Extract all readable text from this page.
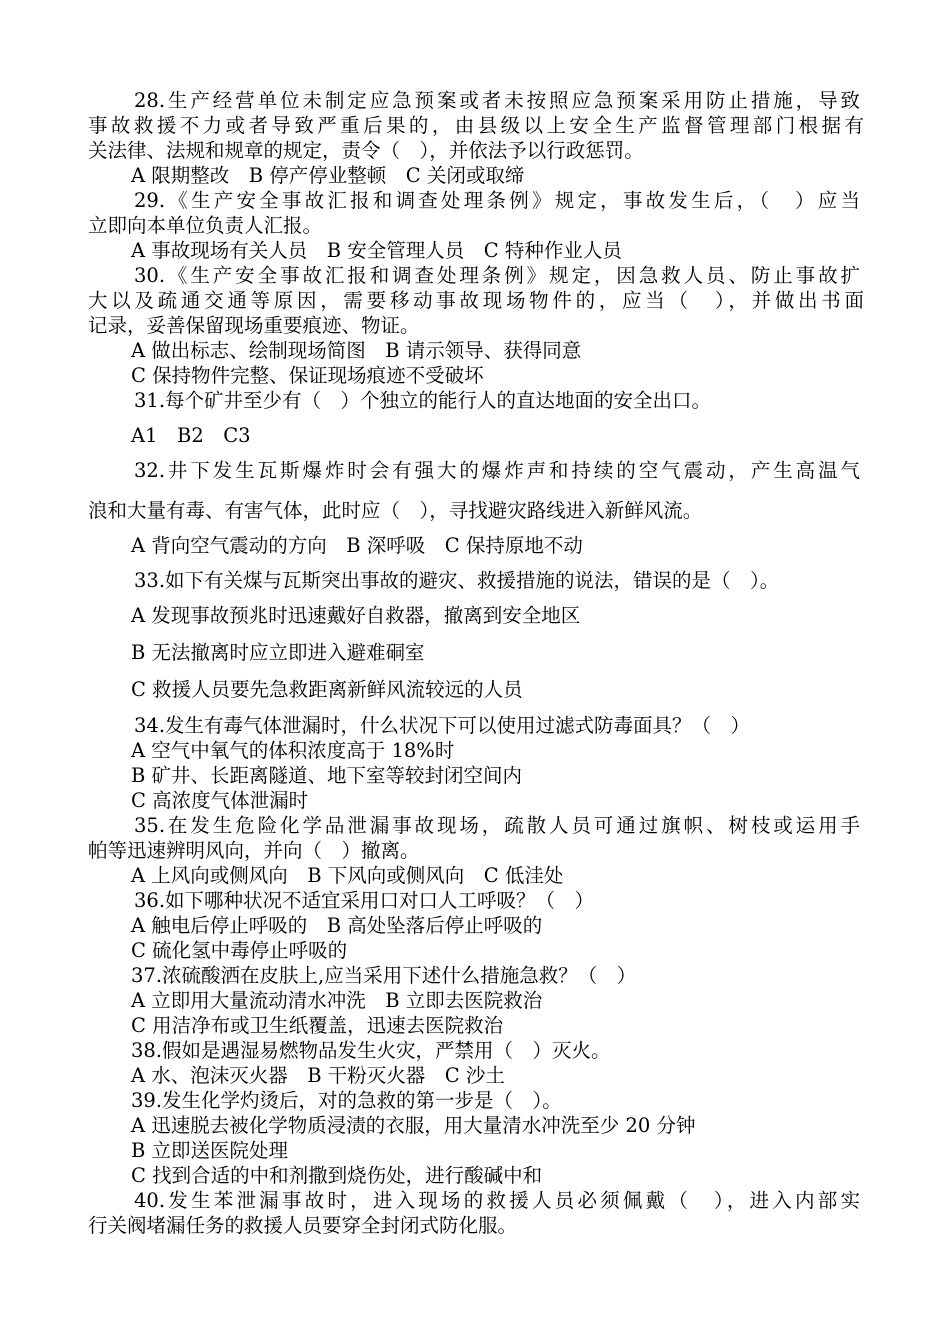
28.生产经营单位未制定应急预案或者未按照应急预案采用防止措施，导致
事故救援不力或者导致严重后果的，由县级以上安全生产监督管理部门根据有
关法律、法规和规章的规定，责令（　），并依法予以行政惩罚。
A 限期整改　B 停产停业整顿　C 关闭或取缔
29.《生产安全事故汇报和调查处理条例》规定，事故发生后，（　）应当
立即向本单位负责人汇报。
A 事故现场有关人员　B 安全管理人员　C 特种作业人员
30.《生产安全事故汇报和调查处理条例》规定，因急救人员、防止事故扩
大以及疏通交通等原因，需要移动事故现场物件的，应当（　），并做出书面
记录，妥善保留现场重要痕迹、物证。
A 做出标志、绘制现场简图　B 请示领导、获得同意
C 保持物件完整、保证现场痕迹不受破坏
31.每个矿井至少有（　）个独立的能行人的直达地面的安全出口。
A1　B2　C3
32.井下发生瓦斯爆炸时会有强大的爆炸声和持续的空气震动，产生高温气
浪和大量有毒、有害气体，此时应（　），寻找避灾路线进入新鲜风流。
A 背向空气震动的方向　B 深呼吸　C 保持原地不动
33.如下有关煤与瓦斯突出事故的避灾、救援措施的说法，错误的是（　）。
A 发现事故预兆时迅速戴好自救器，撤离到安全地区
B 无法撤离时应立即进入避难硐室
C 救援人员要先急救距离新鲜风流较远的人员
34.发生有毒气体泄漏时，什么状况下可以使用过滤式防毒面具？（　）
A 空气中氧气的体积浓度高于 18%时
B 矿井、长距离隧道、地下室等较封闭空间内
C 高浓度气体泄漏时
35.在发生危险化学品泄漏事故现场，疏散人员可通过旗帜、树枝或运用手
帕等迅速辨明风向，并向（　）撤离。
A 上风向或侧风向　B 下风向或侧风向　C 低洼处
36.如下哪种状况不适宜采用口对口人工呼吸？（　）
A 触电后停止呼吸的　B 高处坠落后停止呼吸的
C 硫化氢中毒停止呼吸的
37.浓硫酸洒在皮肤上,应当采用下述什么措施急救？（　）
A 立即用大量流动清水冲洗　B 立即去医院救治
C 用洁净布或卫生纸覆盖，迅速去医院救治
38.假如是遇湿易燃物品发生火灾，严禁用（　）灭火。
A 水、泡沫灭火器　B 干粉灭火器　C 沙土
39.发生化学灼烫后，对的急救的第一步是（　）。
A 迅速脱去被化学物质浸渍的衣服，用大量清水冲洗至少 20 分钟
B 立即送医院处理
C 找到合适的中和剂撒到烧伤处，进行酸碱中和
40.发生苯泄漏事故时，进入现场的救援人员必须佩戴（　），进入内部实
行关阀堵漏任务的救援人员要穿全封闭式防化服。
